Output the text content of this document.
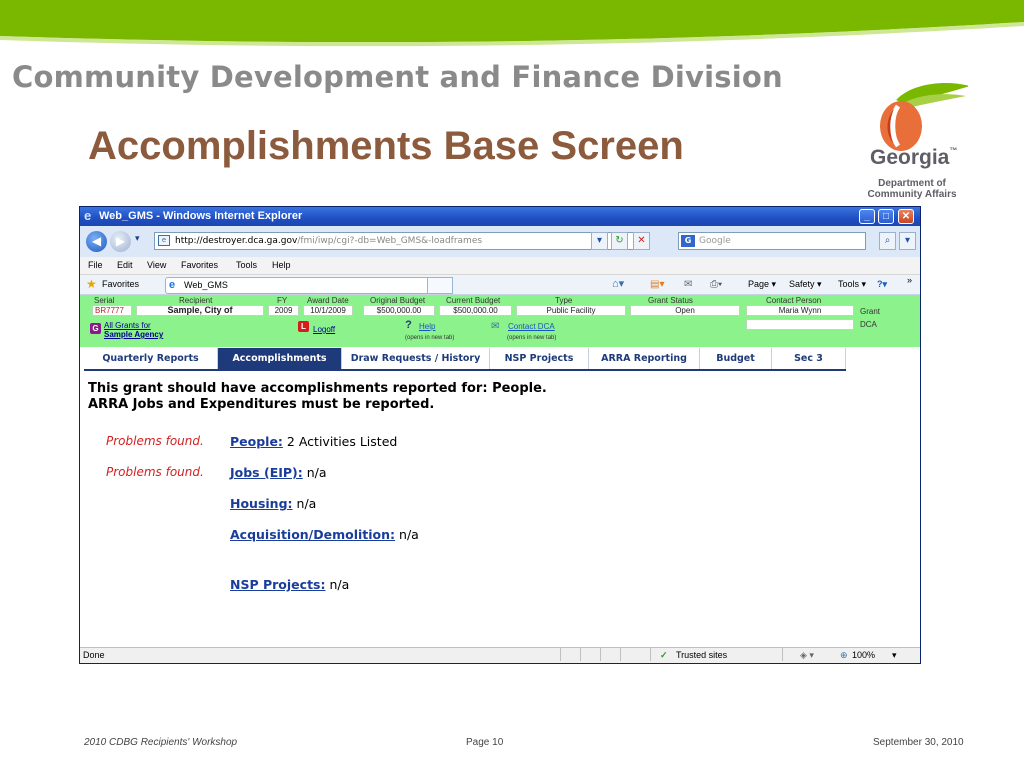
Community Development and Finance Division
Accomplishments Base Screen	Georgia™
Department of
Community Affairs
e Web_GMS - Windows Internet Explorer	_	□	✕
◀	▶	▾	e http://destroyer.dca.ga.gov/fmi/iwp/cgi?-db=Web_GMS&-loadframes	▾	↻	✕	G Google	⌕	▾
File Edit View Favorites Tools Help
★ Favorites	e Web_GMS	⌂▾	▤▾ ✉ ⎙▾	Page ▾ Safety ▾ Tools ▾ ?▾ »
Serial	Recipient	FY Award Date	Original Budget	Current Budget	Type	Grant Status	Contact Person
BR7777	Sample, City of	2009	10/1/2009	$500,000.00	$500,000.00	Public Facility	Open	Maria Wynn	Grant
DCA
G All Grants for
Sample Agency
L Logoff	? Help
(opens in new tab)
✉ Contact DCA
(opens in new tab)
Quarterly Reports	Accomplishments	Draw Requests / History	NSP Projects	ARRA Reporting	Budget	Sec 3
This grant should have accomplishments reported for: People.
ARRA Jobs and Expenditures must be reported.
Problems found. People: 2 Activities Listed
Problems found. Jobs (EIP): n/a
Housing: n/a
Acquisition/Demolition: n/a
NSP Projects: n/a
Done	✓ Trusted sites	◈ ▾	⊕ 100% ▾
2010 CDBG Recipients' Workshop	Page 10	September 30, 2010
